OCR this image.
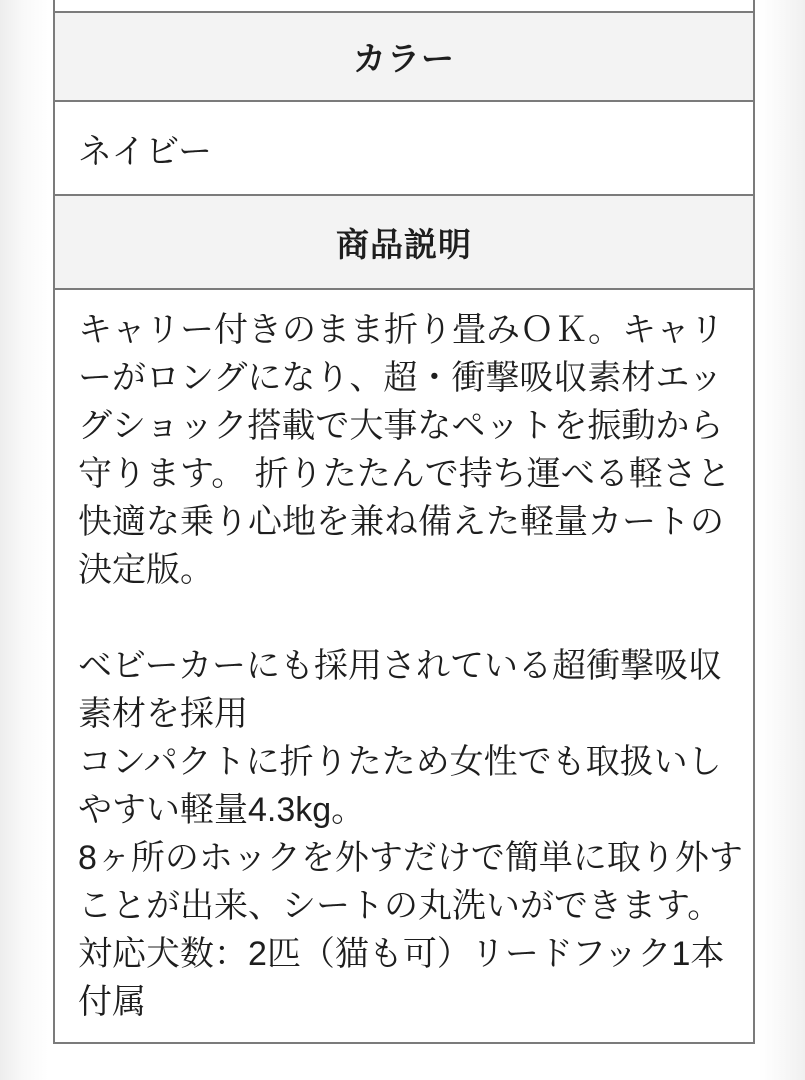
カラー
ネイビー
商品説明
キャリー付きのまま折り畳みＯＫ。キャリ
ーがロングになり、超・衝撃吸収素材エッ
グショック搭載で大事なペットを振動から
守ります。 折りたたんで持ち運べる軽さと
快適な乗り心地を兼ね備えた軽量カートの
決定版。

ベビーカーにも採用されている超衝撃吸収
素材を採用
コンパクトに折りたため女性でも取扱いし
やすい軽量4.3kg。
8ヶ所のホックを外すだけで簡単に取り外す
ことが出来、シートの丸洗いができます。
対応犬数：2匹（猫も可）リードフック1本
付属
